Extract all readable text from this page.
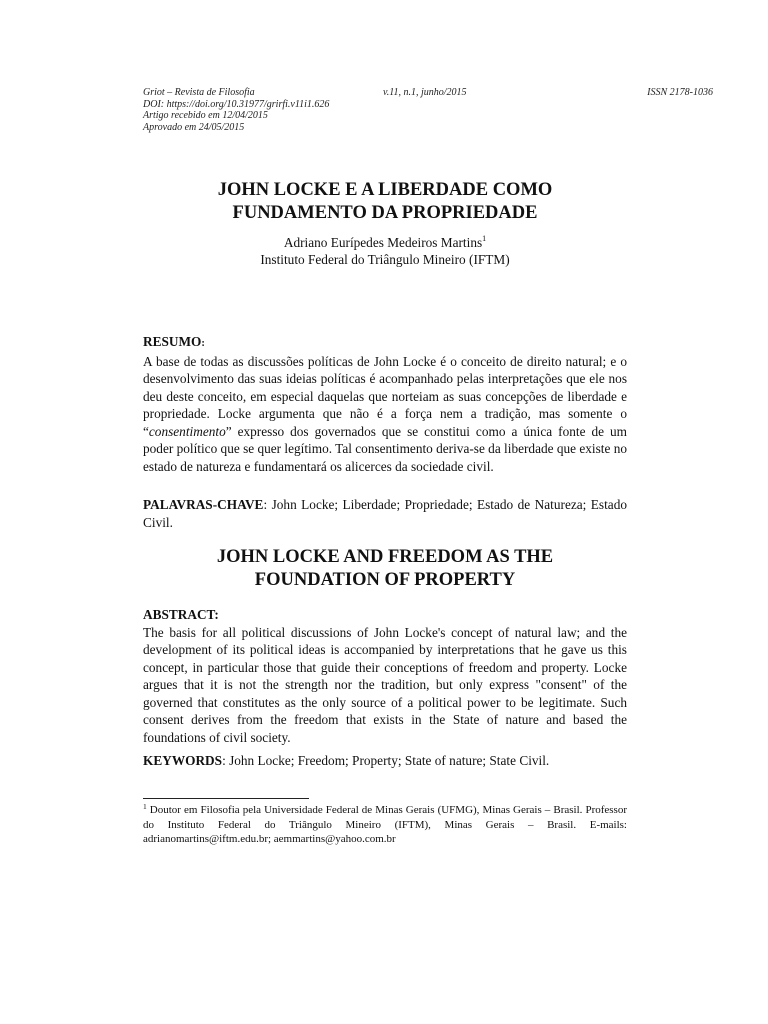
Griot – Revista de Filosofia	v.11, n.1, junho/2015	ISSN 2178-1036
DOI: https://doi.org/10.31977/grirfi.v11i1.626
Artigo recebido em 12/04/2015
Aprovado em 24/05/2015
JOHN LOCKE E A LIBERDADE COMO
FUNDAMENTO DA PROPRIEDADE
Adriano Eurípedes Medeiros Martins$^1$
Instituto Federal do Triângulo Mineiro (IFTM)
RESUMO:

A base de todas as discussões políticas de John Locke é o conceito de direito natural; e o desenvolvimento das suas ideias políticas é acompanhado pelas interpretações que ele nos deu deste conceito, em especial daquelas que norteiam as suas concepções de liberdade e propriedade. Locke argumenta que não é a força nem a tradição, mas somente o “consentimento” expresso dos governados que se constitui como a única fonte de um poder político que se quer legítimo. Tal consentimento deriva-se da liberdade que existe no estado de natureza e fundamentará os alicerces da sociedade civil.

PALAVRAS-CHAVE: John Locke; Liberdade; Propriedade; Estado de Natureza; Estado Civil.
JOHN LOCKE AND FREEDOM AS THE
FOUNDATION OF PROPERTY
ABSTRACT:

The basis for all political discussions of John Locke's concept of natural law; and the development of its political ideas is accompanied by interpretations that he gave us this concept, in particular those that guide their conceptions of freedom and property. Locke argues that it is not the strength nor the tradition, but only express "consent" of the governed that constitutes as the only source of a political power to be legitimate. Such consent derives from the freedom that exists in the State of nature and based the foundations of civil society.

KEYWORDS: John Locke; Freedom; Property; State of nature; State Civil.
$^1$ Doutor em Filosofia pela Universidade Federal de Minas Gerais (UFMG), Minas Gerais – Brasil. Professor do Instituto Federal do Triângulo Mineiro (IFTM), Minas Gerais – Brasil. E-mails: adrianomartins@iftm.edu.br; aemmartins@yahoo.com.br
